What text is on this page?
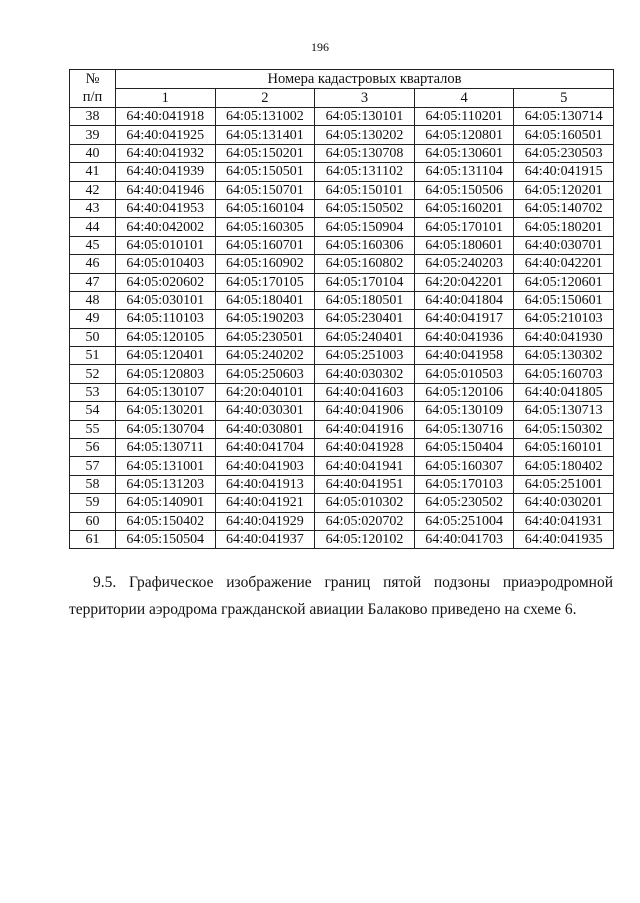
196
№	Номера кадастровых кварталов				
п/п	1	2	3	4	5
38	64:40:041918	64:05:131002	64:05:130101	64:05:110201	64:05:130714
39	64:40:041925	64:05:131401	64:05:130202	64:05:120801	64:05:160501
40	64:40:041932	64:05:150201	64:05:130708	64:05:130601	64:05:230503
41	64:40:041939	64:05:150501	64:05:131102	64:05:131104	64:40:041915
42	64:40:041946	64:05:150701	64:05:150101	64:05:150506	64:05:120201
43	64:40:041953	64:05:160104	64:05:150502	64:05:160201	64:05:140702
44	64:40:042002	64:05:160305	64:05:150904	64:05:170101	64:05:180201
45	64:05:010101	64:05:160701	64:05:160306	64:05:180601	64:40:030701
46	64:05:010403	64:05:160902	64:05:160802	64:05:240203	64:40:042201
47	64:05:020602	64:05:170105	64:05:170104	64:20:042201	64:05:120601
48	64:05:030101	64:05:180401	64:05:180501	64:40:041804	64:05:150601
49	64:05:110103	64:05:190203	64:05:230401	64:40:041917	64:05:210103
50	64:05:120105	64:05:230501	64:05:240401	64:40:041936	64:40:041930
51	64:05:120401	64:05:240202	64:05:251003	64:40:041958	64:05:130302
52	64:05:120803	64:05:250603	64:40:030302	64:05:010503	64:05:160703
53	64:05:130107	64:20:040101	64:40:041603	64:05:120106	64:40:041805
54	64:05:130201	64:40:030301	64:40:041906	64:05:130109	64:05:130713
55	64:05:130704	64:40:030801	64:40:041916	64:05:130716	64:05:150302
56	64:05:130711	64:40:041704	64:40:041928	64:05:150404	64:05:160101
57	64:05:131001	64:40:041903	64:40:041941	64:05:160307	64:05:180402
58	64:05:131203	64:40:041913	64:40:041951	64:05:170103	64:05:251001
59	64:05:140901	64:40:041921	64:05:010302	64:05:230502	64:40:030201
60	64:05:150402	64:40:041929	64:05:020702	64:05:251004	64:40:041931
61	64:05:150504	64:40:041937	64:05:120102	64:40:041703	64:40:041935
9.5. Графическое изображение границ пятой подзоны приаэродромной
территории аэродрома гражданской авиации Балаково приведено на схеме 6.
